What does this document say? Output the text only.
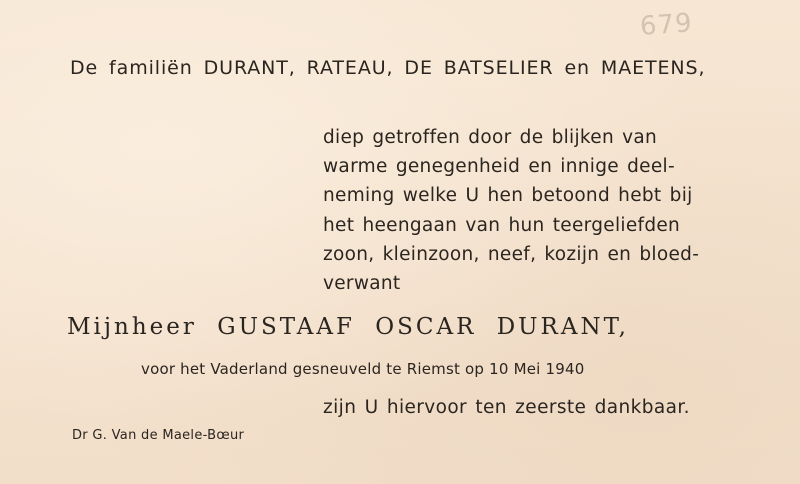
679

De familiën DURANT, RATEAU, DE BATSELIER en MAETENS,

diep getroffen door de blijken van
warme genegenheid en innige deel-
neming welke U hen betoond hebt bij
het heengaan van hun teergeliefden
zoon, kleinzoon, neef, kozijn en bloed-
verwant

Mijnheer GUSTAAF OSCAR DURANT,

voor het Vaderland gesneuveld te Riemst op 10 Mei 1940

zijn U hiervoor ten zeerste dankbaar.

Dr G. Van de Maele-Bœur
